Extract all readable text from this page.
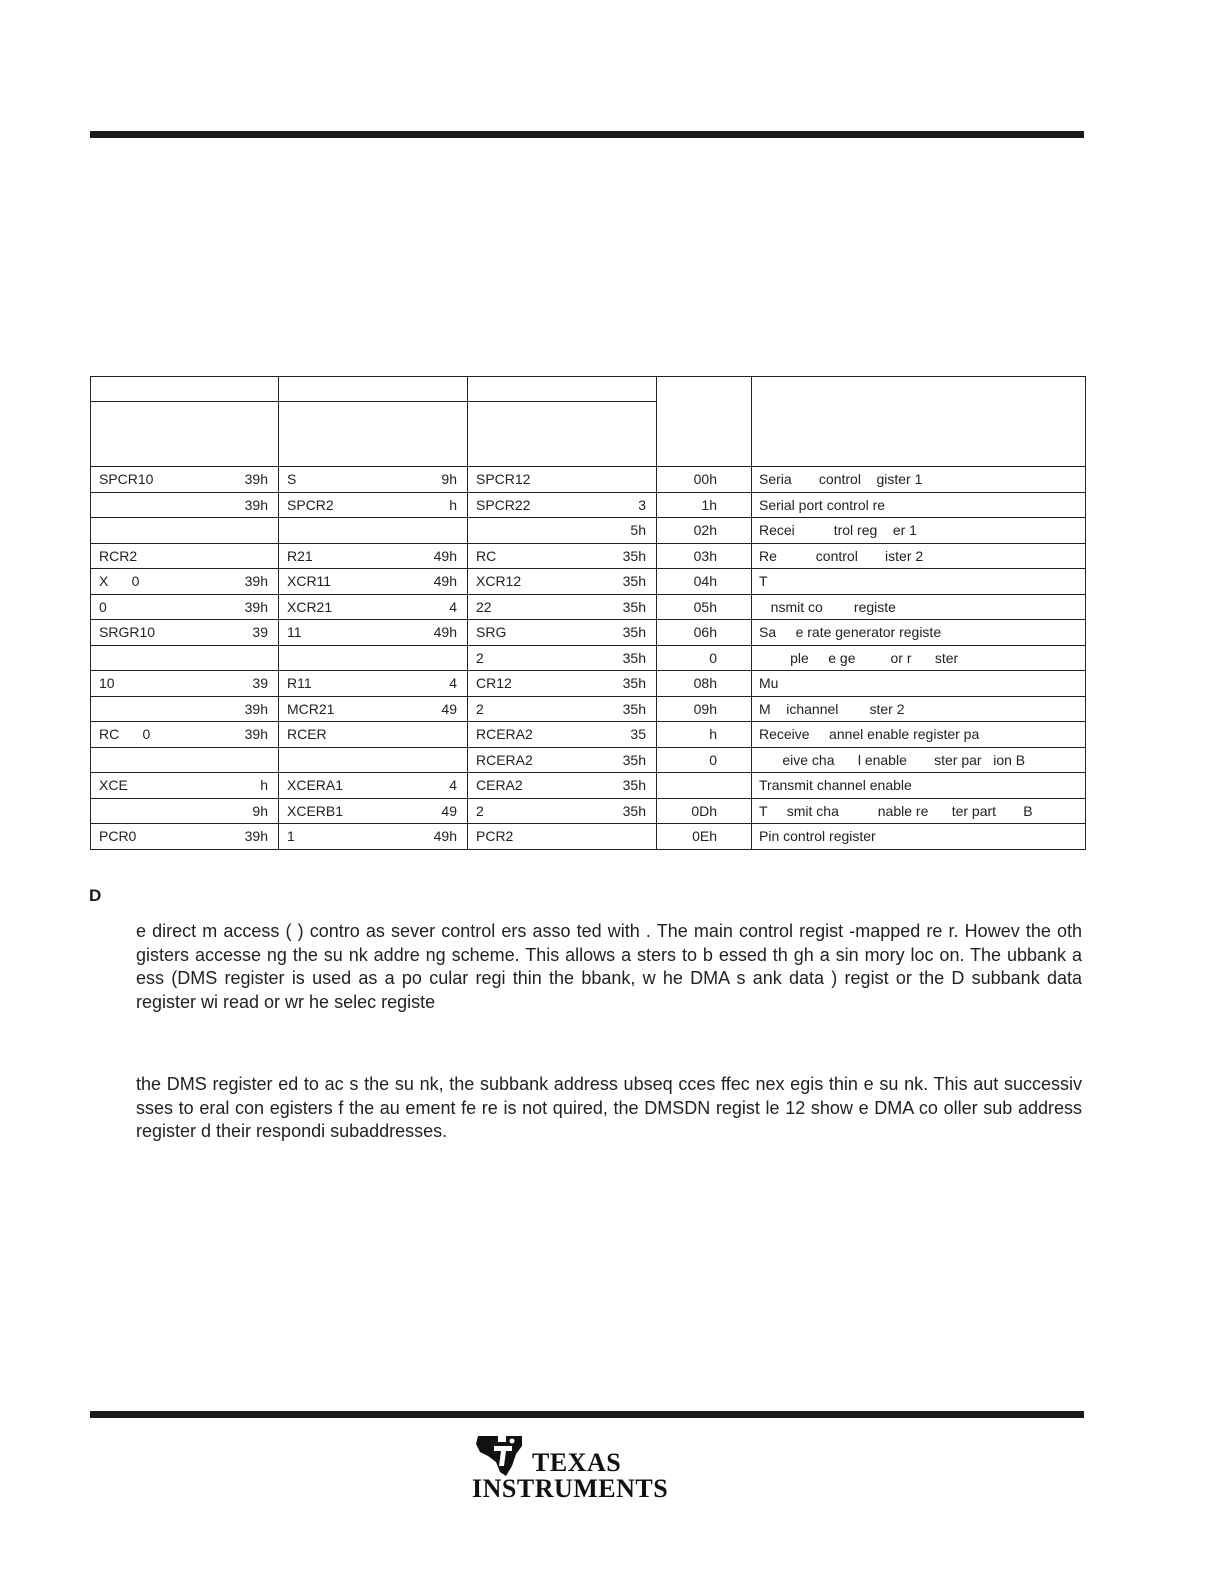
SPCR10	39h	S	9h	SPCR12		00h	Seria       control    gister 1
	39h	SPCR2	h	SPCR22	3	1h	Serial port control re
					5h	02h	Recei          trol reg    er 1
RCR2		R21	49h	RC	35h	03h	Re          control       ister 2
X      0	39h	XCR11	49h	XCR12	35h	04h	T
0	39h	XCR21	4	22	35h	05h	nsmit co        registe
SRGR10	39	11	49h	SRG	35h	06h	Sa     e rate generator registe
				2	35h	0	ple     e ge         or r      ster
10	39	R11	4	CR12	35h	08h	Mu
	39h	MCR21	49	2	35h	09h	M    ichannel        ster 2
RC      0	39h	RCER		RCERA2	35	h	Receive     annel enable register pa
				RCERA2	35h	0	eive cha      l enable       ster par   ion B
XCE	h	XCERA1	4	CERA2	35h		Transmit channel enable
	9h	XCERB1	49	2	35h	0Dh	T     smit cha          nable re      ter part       B
PCR0	39h	1	49h	PCR2		0Eh	Pin control register
D
e direct m access ( ) contro as sever control ers asso ted with . The main control regist -mapped re r. Howev the oth gisters accesse ng the su nk addre ng scheme. This allows a sters to b essed th gh a sin mory loc on. The ubbank a ess (DMS register is used as a po cular regi thin the bbank, w he DMA s ank data ) regist or the D subbank data register wi read or wr he selec registe
the DMS register ed to ac s the su nk, the subbank address ubseq cces ffec nex egis thin e su nk. This aut successiv sses to eral con egisters f the au ement fe re is not quired, the DMSDN regist le 12 show e DMA co oller sub address register d their respondi subaddresses.
TEXAS
INSTRUMENTS
